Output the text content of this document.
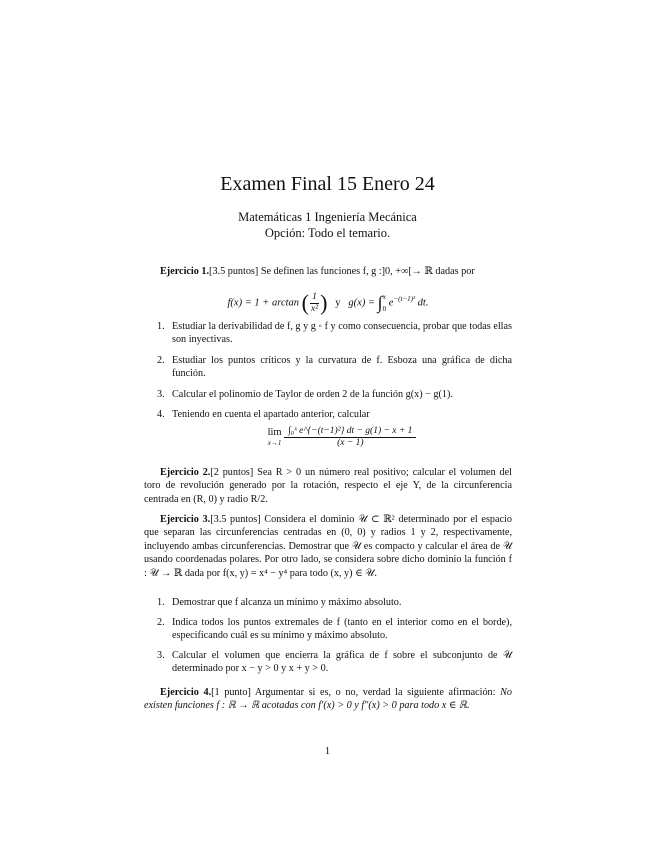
Examen Final 15 Enero 24
Matemáticas 1 Ingeniería Mecánica
Opción: Todo el temario.
Ejercicio 1.[3.5 puntos] Se definen las funciones f, g :]0, +∞[→ ℝ dadas por
f(x) = 1 + arctan ( $\frac{1}{\text{x²}}$ ) y g(x) = ∫ x
0
$e^{-(t-1)^2}$ dt.
1. Estudiar la derivabilidad de f, g y g ◦ f y como consecuencia, probar que todas ellas son inyectivas.
2. Estudiar los puntos críticos y la curvatura de f. Esboza una gráfica de dicha función.
3. Calcular el polinomio de Taylor de orden 2 de la función g(x) − g(1).
4. Teniendo en cuenta el apartado anterior, calcular
lim
x→1
$\frac{\text{∫₀ˣ e\textasciicircum{}\{−(t−1)²\} dt − g(1) − x + 1}}{(x - 1)}$
Ejercicio 2.[2 puntos] Sea R > 0 un número real positivo; calcular el volumen del toro de revolución generado por la rotación, respecto el eje Y, de la circunferencia centrada en (R, 0) y radio R/2.
Ejercicio 3.[3.5 puntos] Considera el dominio 𝒰 ⊂ ℝ² determinado por el espacio que separan las circunferencias centradas en (0, 0) y radios 1 y 2, respectivamente, incluyendo ambas circunferencias. Demostrar que 𝒰 es compacto y calcular el área de 𝒰 usando coordenadas polares. Por otro lado, se considera sobre dicho dominio la función f : 𝒰 → ℝ dada por f(x, y) = x⁴ − y⁴ para todo (x, y) ∈ 𝒰.
1. Demostrar que f alcanza un mínimo y máximo absoluto.
2. Indica todos los puntos extremales de f (tanto en el interior como en el borde), especificando cuál es su mínimo y máximo absoluto.
3. Calcular el volumen que encierra la gráfica de f sobre el subconjunto de 𝒰 determinado por x − y > 0 y x + y > 0.
Ejercicio 4.[1 punto] Argumentar si es, o no, verdad la siguiente afirmación: No existen funciones f : ℝ → ℝ acotadas con f′(x) > 0 y f″(x) > 0 para todo x ∈ ℝ.
1
